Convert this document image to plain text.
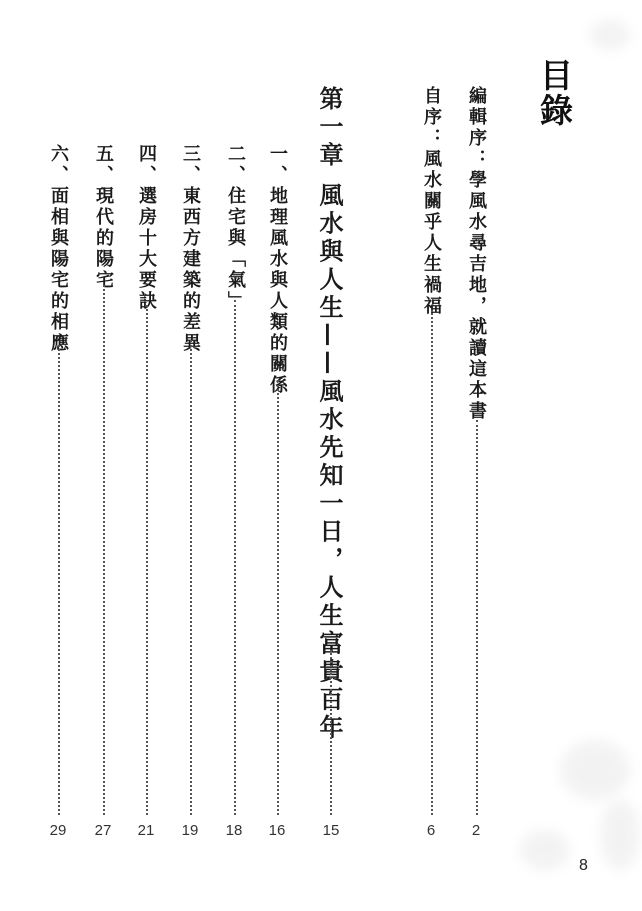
目錄
編輯序：學風水尋吉地，就讀這本書
2
自序：風水關乎人生禍福
6
第一章 風水與人生——風水先知一日，人生富貴百年
15
一、地理風水與人類的關係
16
二、住宅與「氣」
18
三、東西方建築的差異
19
四、選房十大要訣
21
五、現代的陽宅
27
六、面相與陽宅的相應
29
8
